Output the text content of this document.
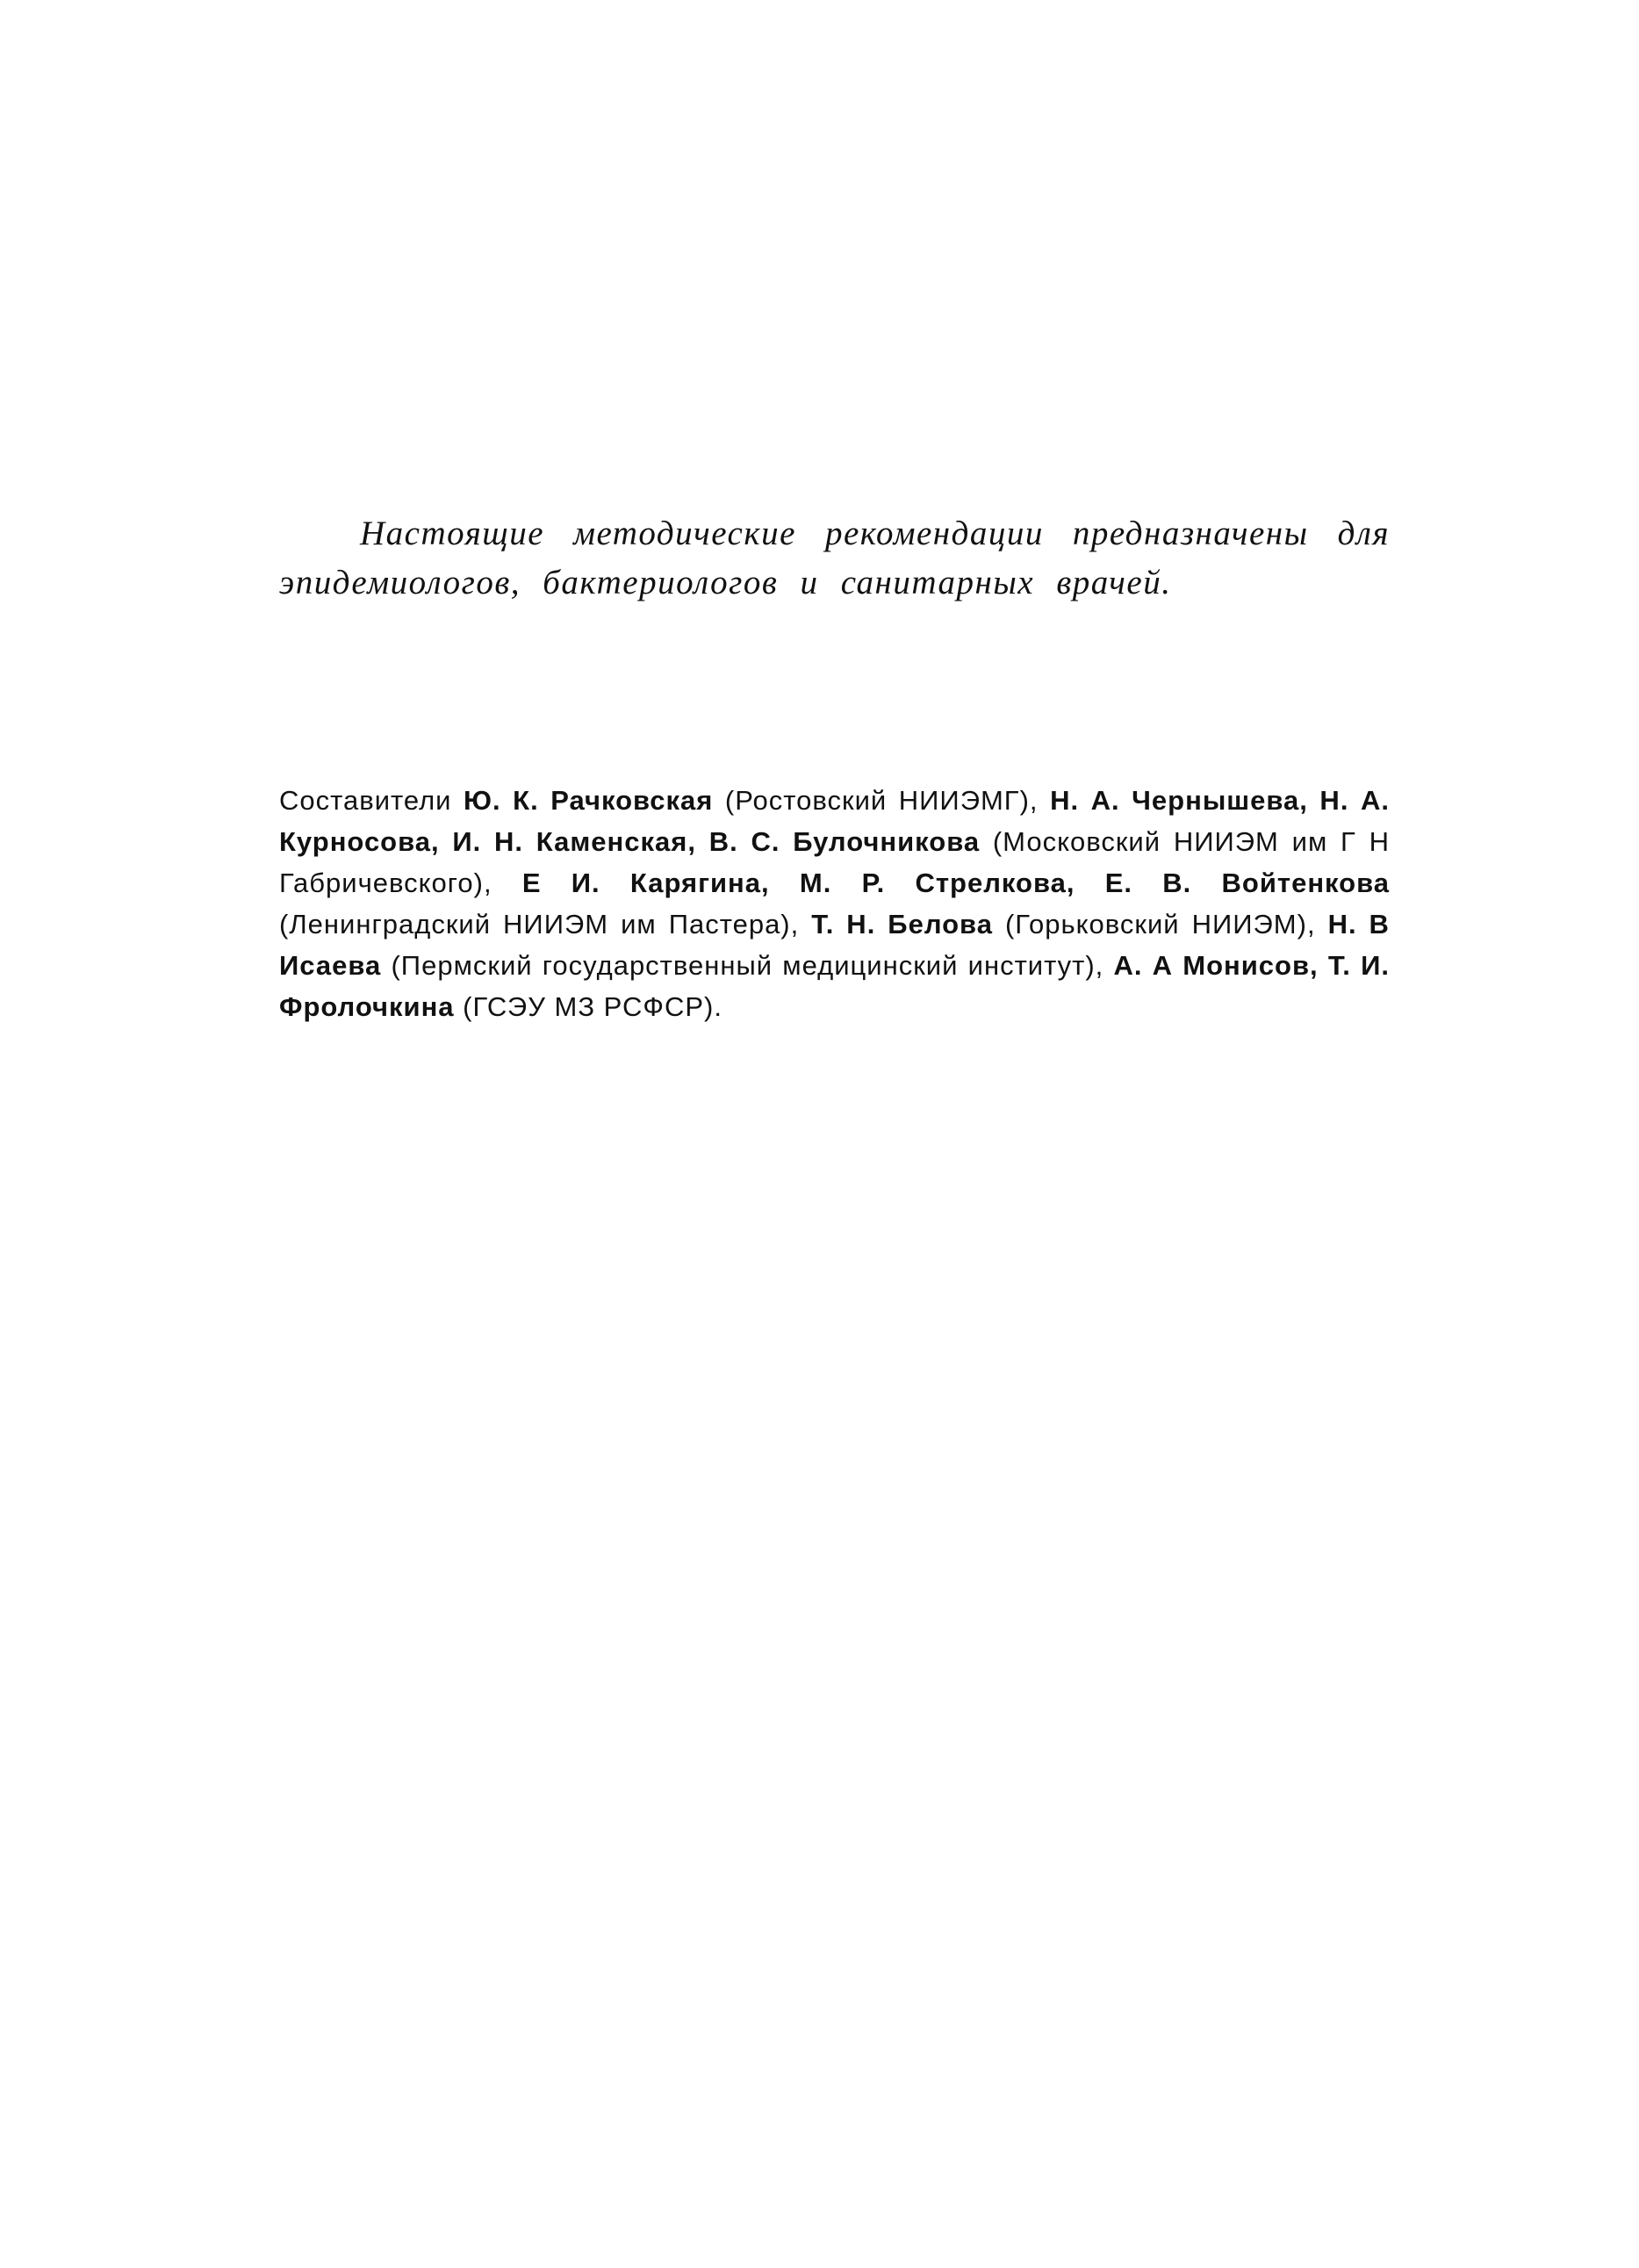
Настоящие методические рекомендации предназначены для эпидемиологов, бактериологов и санитарных врачей.

Составители Ю. К. Рачковская (Ростовский НИИЭМГ), Н. А. Чернышева, Н. А. Курносова, И. Н. Каменская, В. С. Булочникова (Московский НИИЭМ им Г Н Габричевского), Е И. Карягина, М. Р. Стрелкова, Е. В. Войтенкова (Ленинградский НИИЭМ им Пастера), Т. Н. Белова (Горьковский НИИЭМ), Н. В Исаева (Пермский государственный медицинский институт), А. А Монисов, Т. И. Фролочкина (ГСЭУ МЗ РСФСР).
